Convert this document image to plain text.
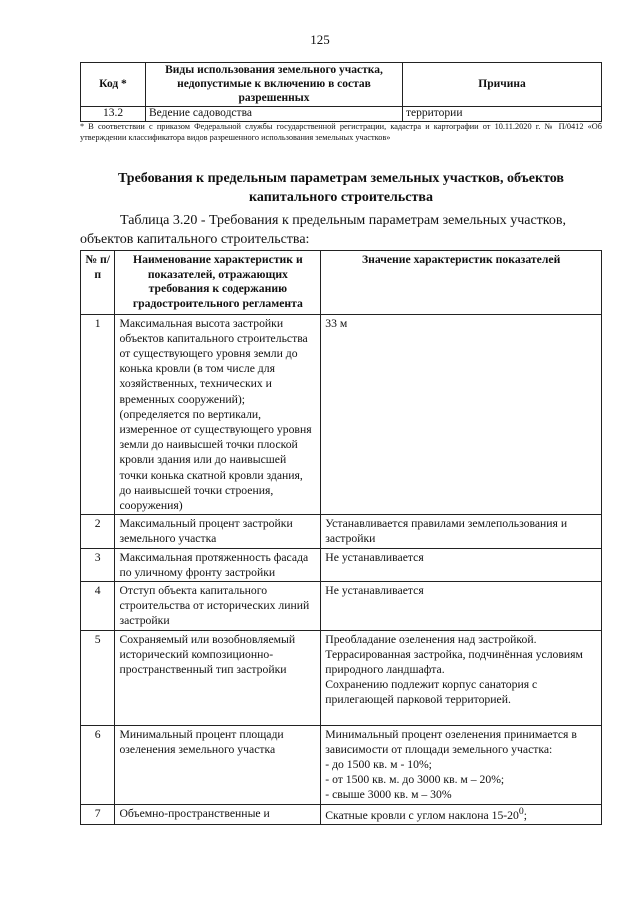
125
Код *	Виды использования земельного участка, недопустимые к включению в состав разрешенных	Причина
13.2	Ведение садоводства	территории
* В соответствии с приказом Федеральной службы государственной регистрации, кадастра и картографии от 10.11.2020 г. № П/0412 «Об утверждении классификатора видов разрешенного использования земельных участков»
Требования к предельным параметрам земельных участков, объектов капитального строительства
Таблица 3.20 - Требования к предельным параметрам земельных участков, объектов капитального строительства:
№ п/п	Наименование характеристик и показателей, отражающих требования к содержанию градостроительного регламента	Значение характеристик показателей
1	Максимальная высота застройки объектов капитального строительства от существующего уровня земли до конька кровли (в том числе для хозяйственных, технических и временных сооружений); (определяется по вертикали, измеренное от существующего уровня земли до наивысшей точки плоской кровли здания или до наивысшей точки конька скатной кровли здания, до наивысшей точки строения, сооружения)	33 м
2	Максимальный процент застройки земельного участка	Устанавливается правилами землепользования и застройки
3	Максимальная протяженность фасада по уличному фронту застройки	Не устанавливается
4	Отступ объекта капитального строительства от исторических линий застройки	Не устанавливается
5	Сохраняемый или возобновляемый исторический композиционно-пространственный тип застройки	Преобладание озеленения над застройкой. Террасированная застройка, подчинённая условиям природного ландшафта.
Сохранению подлежит корпус санатория с прилегающей парковой территорией.

6	Минимальный процент площади озеленения земельного участка	Минимальный процент озеленения принимается в зависимости от площади земельного участка:
- до 1500 кв. м - 10%;
- от 1500 кв. м. до 3000 кв. м – 20%;
- свыше 3000 кв. м – 30%

7	Объемно-пространственные и	Скатные кровли с углом наклона $15-20^0$;
